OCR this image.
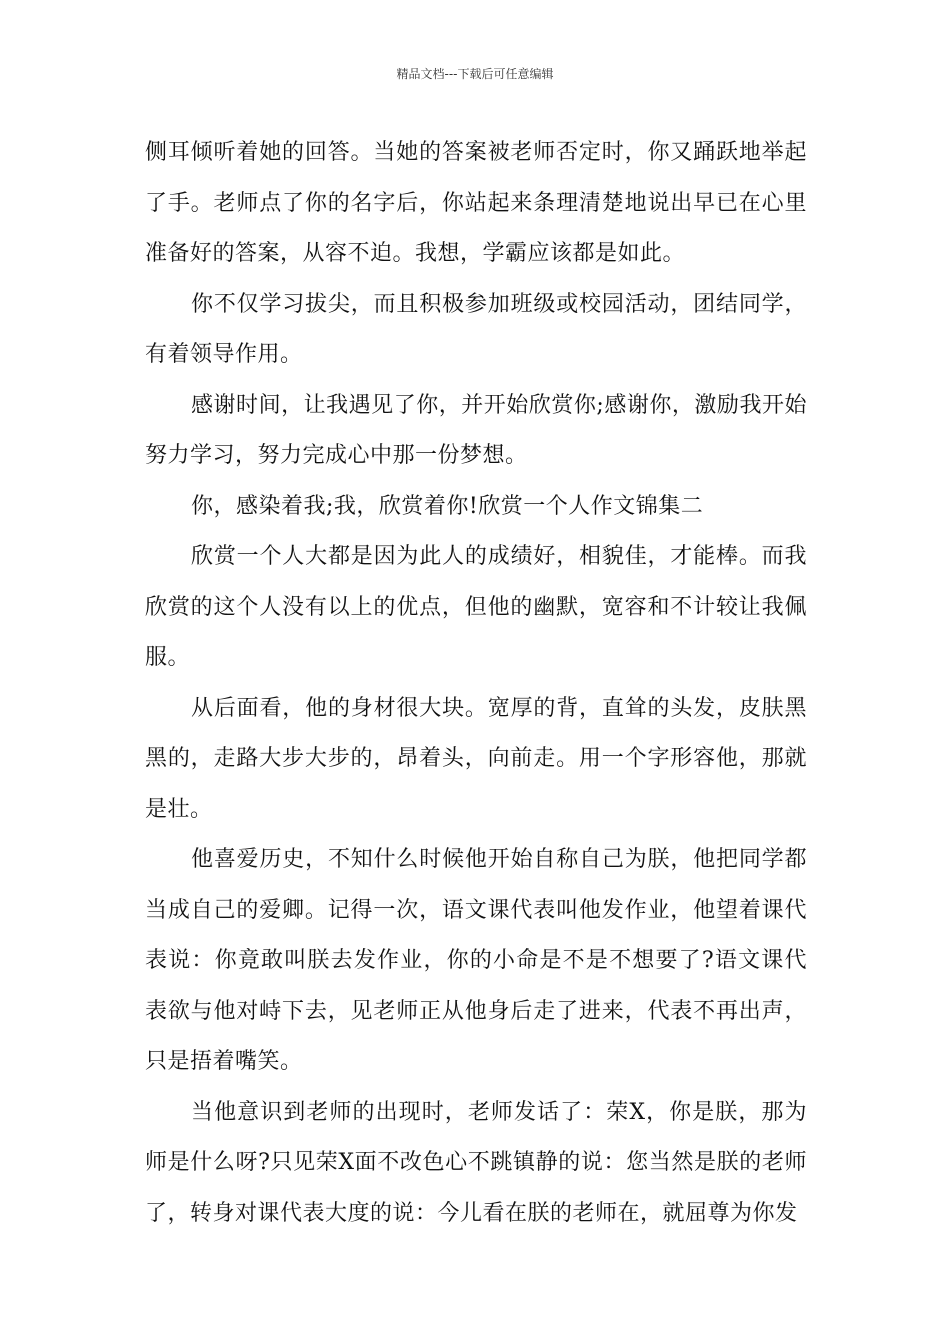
精品文档---下载后可任意编辑

侧耳倾听着她的回答。当她的答案被老师否定时，你又踊跃地举起了手。老师点了你的名字后，你站起来条理清楚地说出早已在心里准备好的答案，从容不迫。我想，学霸应该都是如此。

你不仅学习拔尖，而且积极参加班级或校园活动，团结同学，有着领导作用。

感谢时间，让我遇见了你，并开始欣赏你;感谢你，激励我开始努力学习，努力完成心中那一份梦想。

你，感染着我;我，欣赏着你!欣赏一个人作文锦集二

欣赏一个人大都是因为此人的成绩好，相貌佳，才能棒。而我欣赏的这个人没有以上的优点，但他的幽默，宽容和不计较让我佩服。

从后面看，他的身材很大块。宽厚的背，直耸的头发，皮肤黑黑的，走路大步大步的，昂着头，向前走。用一个字形容他，那就是壮。

他喜爱历史，不知什么时候他开始自称自己为朕，他把同学都当成自己的爱卿。记得一次，语文课代表叫他发作业，他望着课代表说：你竟敢叫朕去发作业，你的小命是不是不想要了?语文课代表欲与他对峙下去，见老师正从他身后走了进来，代表不再出声，只是捂着嘴笑。

当他意识到老师的出现时，老师发话了：荣X，你是朕，那为师是什么呀?只见荣X面不改色心不跳镇静的说：您当然是朕的老师了，转身对课代表大度的说：今儿看在朕的老师在，就屈尊为你发
